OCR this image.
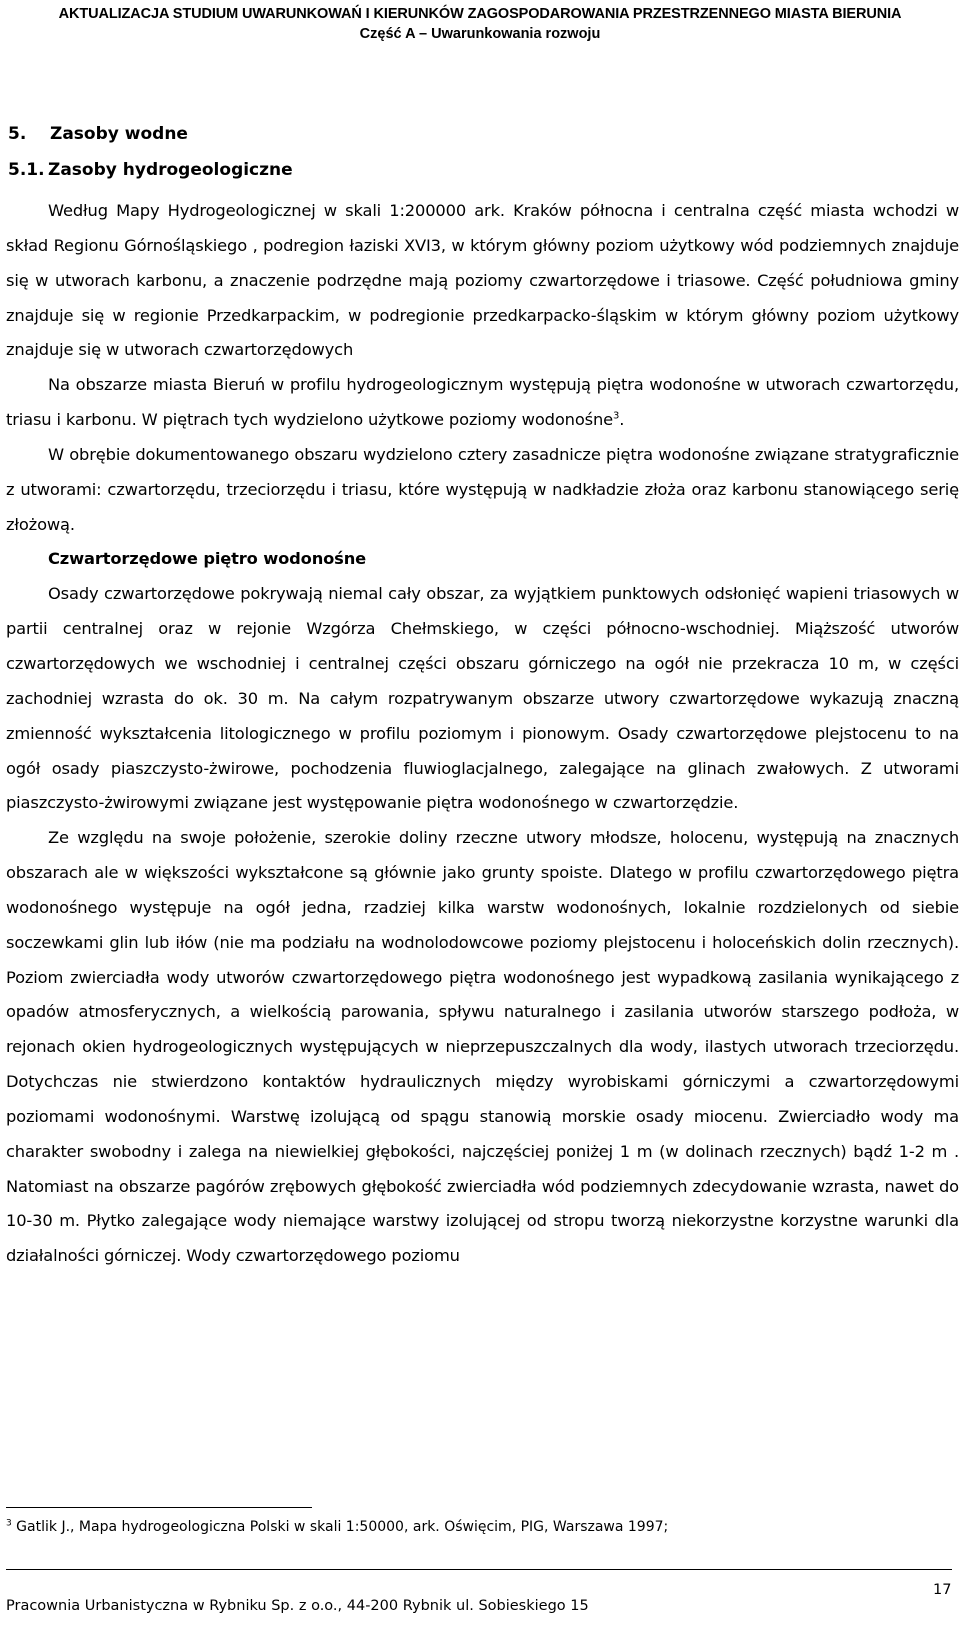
AKTUALIZACJA STUDIUM UWARUNKOWAŃ I KIERUNKÓW ZAGOSPODAROWANIA PRZESTRZENNEGO MIASTA BIERUNIA
Część A – Uwarunkowania rozwoju
5. Zasoby wodne
5.1. Zasoby hydrogeologiczne

Według Mapy Hydrogeologicznej w skali 1:200000 ark. Kraków północna i centralna część miasta wchodzi w skład Regionu Górnośląskiego , podregion łaziski XVI3, w którym główny poziom użytkowy wód podziemnych znajduje się w utworach karbonu, a znaczenie podrzędne mają poziomy czwartorzędowe i triasowe. Część południowa gminy znajduje się w regionie Przedkarpackim, w podregionie przedkarpacko-śląskim w którym główny poziom użytkowy znajduje się w utworach czwartorzędowych

Na obszarze miasta Bieruń w profilu hydrogeologicznym występują piętra wodonośne w utworach czwartorzędu, triasu i karbonu. W piętrach tych wydzielono użytkowe poziomy wodonośne$^3$.

W obrębie dokumentowanego obszaru wydzielono cztery zasadnicze piętra wodonośne związane stratygraficznie z utworami: czwartorzędu, trzeciorzędu i triasu, które występują w nadkładzie złoża oraz karbonu stanowiącego serię złożową.

Czwartorzędowe piętro wodonośne

Osady czwartorzędowe pokrywają niemal cały obszar, za wyjątkiem punktowych odsłonięć wapieni triasowych w partii centralnej oraz w rejonie Wzgórza Chełmskiego, w części północno-wschodniej. Miąższość utworów czwartorzędowych we wschodniej i centralnej części obszaru górniczego na ogół nie przekracza 10 m, w części zachodniej wzrasta do ok. 30 m. Na całym rozpatrywanym obszarze utwory czwartorzędowe wykazują znaczną zmienność wykształcenia litologicznego w profilu poziomym i pionowym. Osady czwartorzędowe plejstocenu to na ogół osady piaszczysto-żwirowe, pochodzenia fluwioglacjalnego, zalegające na glinach zwałowych. Z utworami piaszczysto-żwirowymi związane jest występowanie piętra wodonośnego w czwartorzędzie.

Ze względu na swoje położenie, szerokie doliny rzeczne utwory młodsze, holocenu, występują na znacznych obszarach ale w większości wykształcone są głównie jako grunty spoiste. Dlatego w profilu czwartorzędowego piętra wodonośnego występuje na ogół jedna, rzadziej kilka warstw wodonośnych, lokalnie rozdzielonych od siebie soczewkami glin lub iłów (nie ma podziału na wodnolodowcowe poziomy plejstocenu i holoceńskich dolin rzecznych). Poziom zwierciadła wody utworów czwartorzędowego piętra wodonośnego jest wypadkową zasilania wynikającego z opadów atmosferycznych, a wielkością parowania, spływu naturalnego i zasilania utworów starszego podłoża, w rejonach okien hydrogeologicznych występujących w nieprzepuszczalnych dla wody, ilastych utworach trzeciorzędu. Dotychczas nie stwierdzono kontaktów hydraulicznych między wyrobiskami górniczymi a czwartorzędowymi poziomami wodonośnymi. Warstwę izolującą od spągu stanowią morskie osady miocenu. Zwierciadło wody ma charakter swobodny i zalega na niewielkiej głębokości, najczęściej poniżej 1 m (w dolinach rzecznych) bądź 1-2 m . Natomiast na obszarze pagórów zrębowych głębokość zwierciadła wód podziemnych zdecydowanie wzrasta, nawet do 10-30 m. Płytko zalegające wody niemające warstwy izolującej od stropu tworzą niekorzystne korzystne warunki dla działalności górniczej. Wody czwartorzędowego poziomu

$^3$ Gatlik J., Mapa hydrogeologiczna Polski w skali 1:50000, ark. Oświęcim, PIG, Warszawa 1997;
Pracownia Urbanistyczna w Rybniku Sp. z o.o., 44-200 Rybnik ul. Sobieskiego 15
17
